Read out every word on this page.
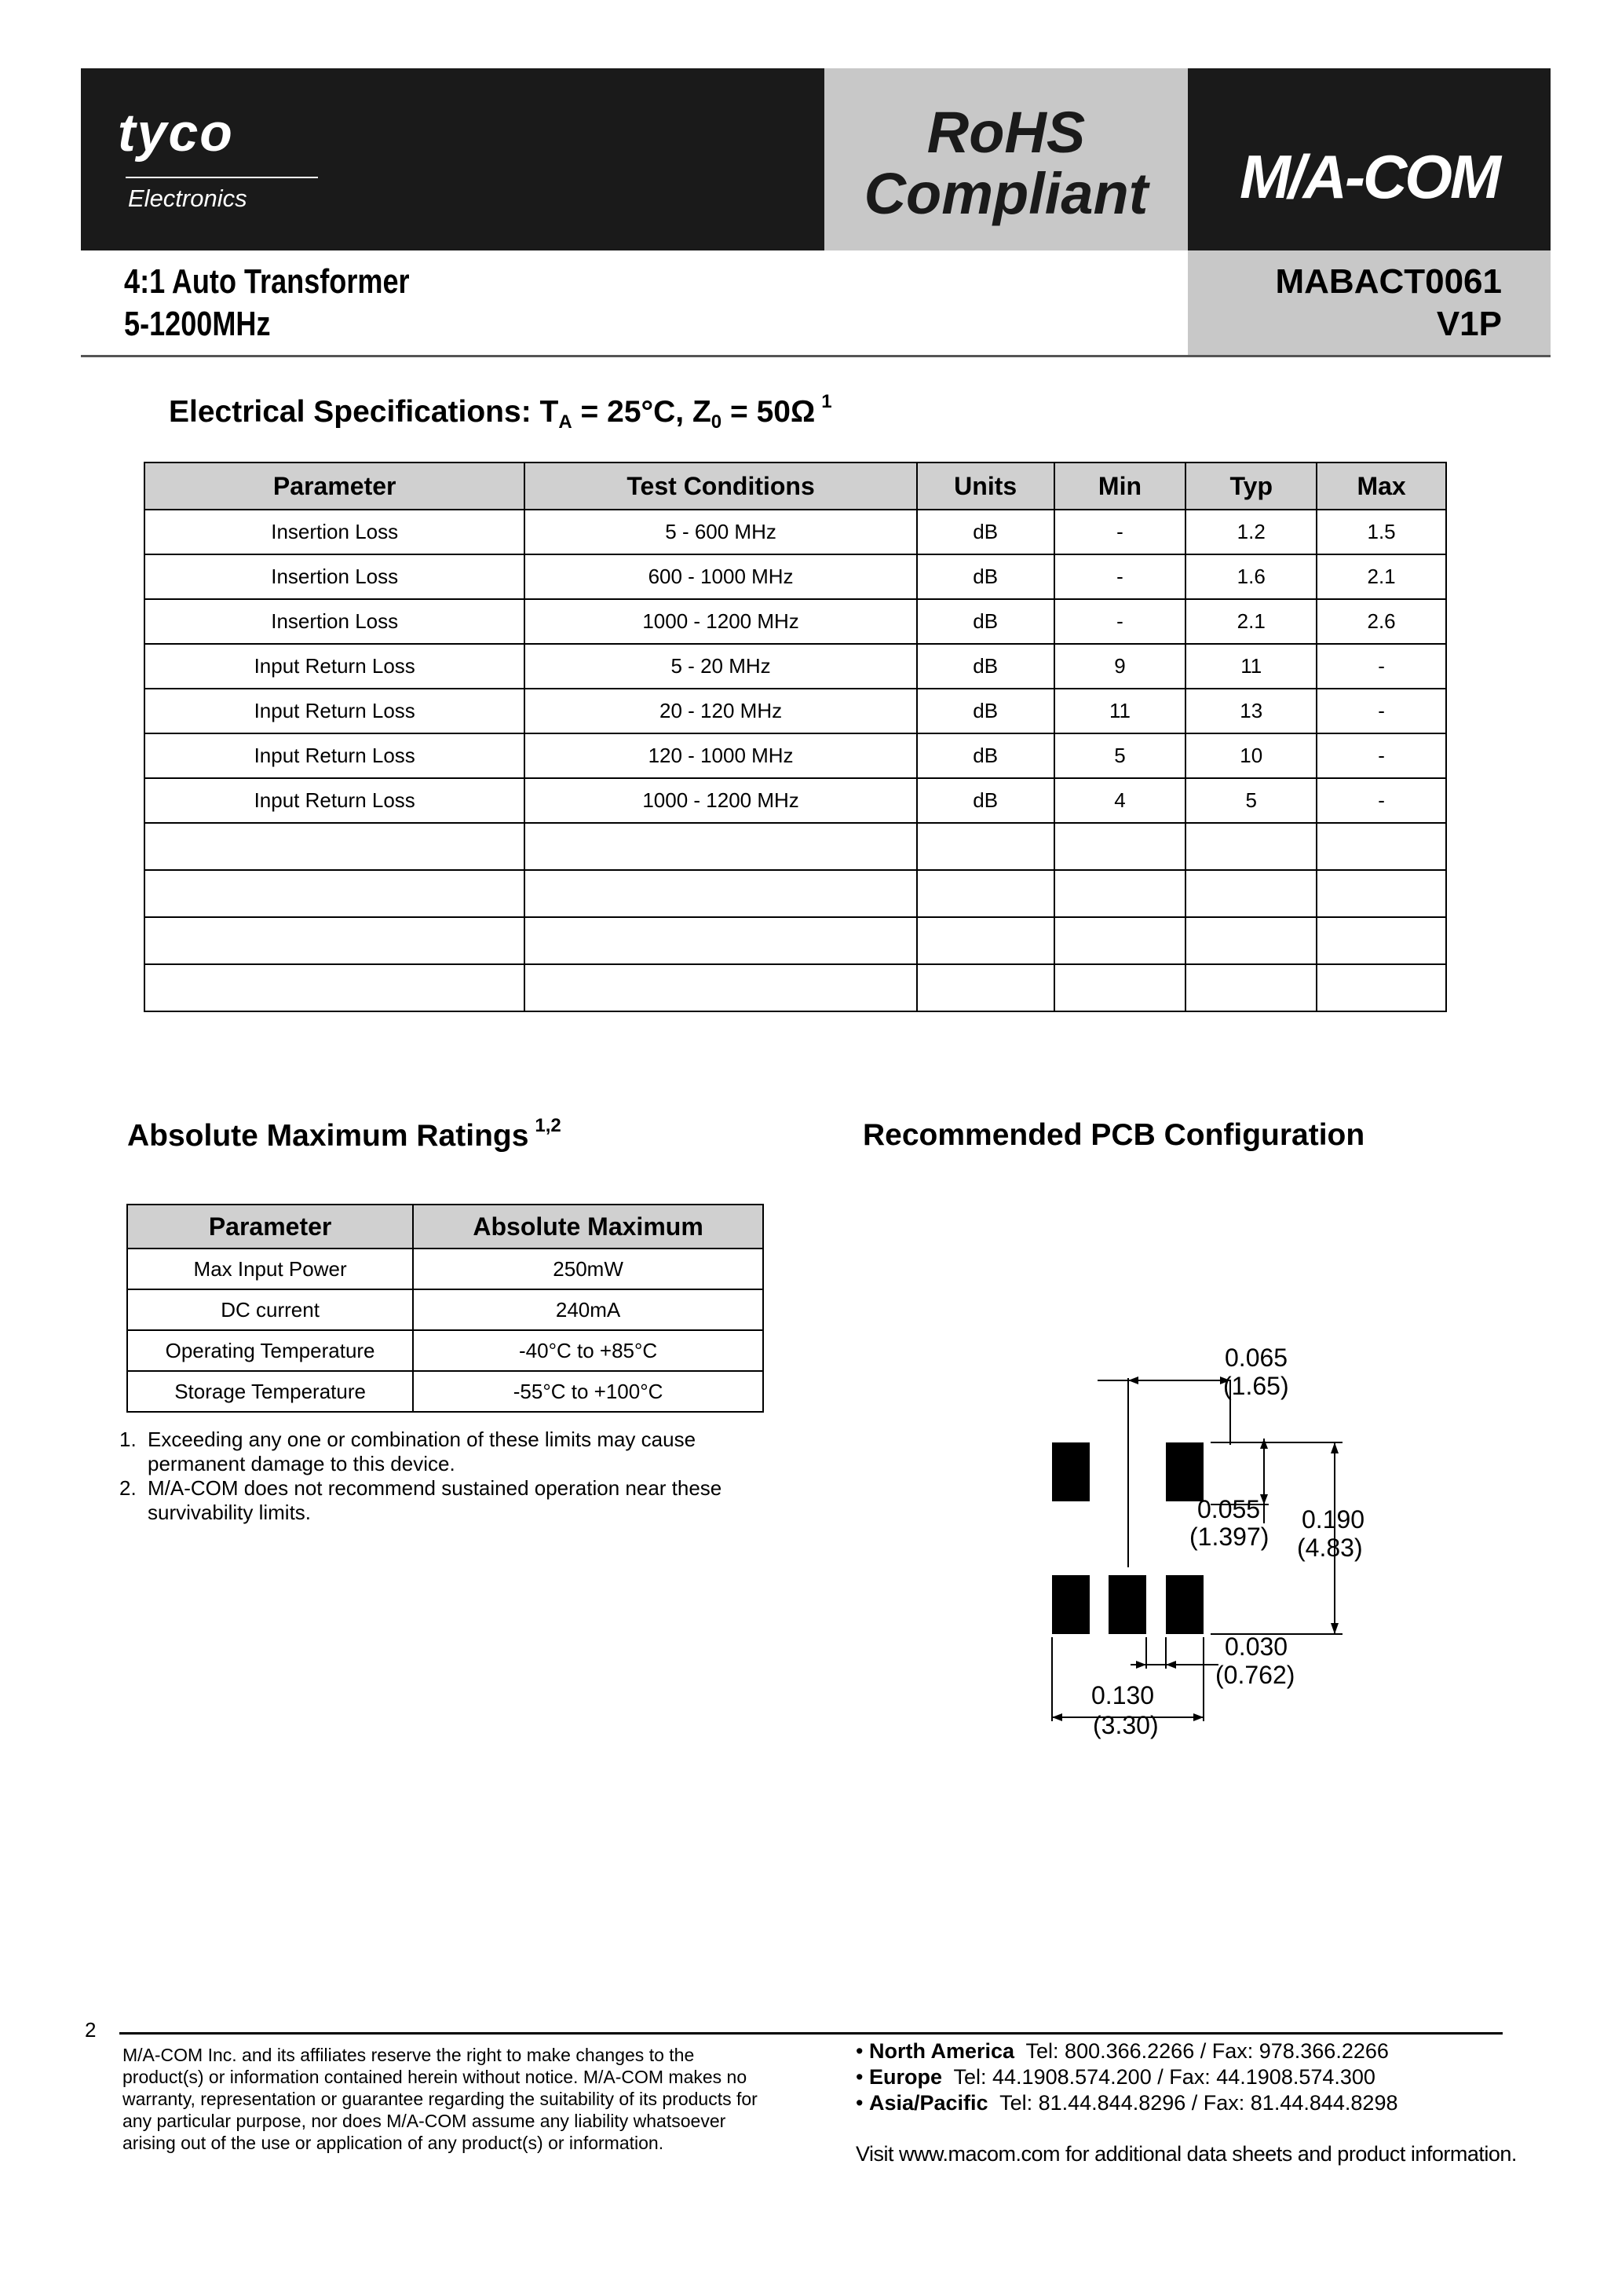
tyco
Electronics
RoHS
Compliant	M/A-COM
4:1 Auto Transformer
5-1200MHz
MABACT0061
V1P
Electrical Specifications: $T_A = 25^\circ C$, $Z_0 = 50\Omega$ $^1$
Parameter	Test Conditions	Units	Min	Typ	Max
Insertion Loss	5 - 600 MHz	dB	-	1.2	1.5
Insertion Loss	600 - 1000 MHz	dB	-	1.6	2.1
Insertion Loss	1000 - 1200 MHz	dB	-	2.1	2.6
Input Return Loss	5 - 20 MHz	dB	9	11	-
Input Return Loss	20 - 120 MHz	dB	11	13	-
Input Return Loss	120 - 1000 MHz	dB	5	10	-
Input Return Loss	1000 - 1200 MHz	dB	4	5	-

Absolute Maximum Ratings $^{1,2}$
Parameter	Absolute Maximum
Max Input Power	250mW
DC current	240mA
Operating Temperature	-40°C to +85°C
Storage Temperature	-55°C to +100°C
1. Exceeding any one or combination of these limits may cause permanent damage to this device.
2. M/A-COM does not recommend sustained operation near these survivability limits.
Recommended PCB Configuration
0.065
(1.65)
0.055
(1.397)
0.190
(4.83)
0.030
(0.762)
0.130
(3.30)
2
M/A-COM Inc. and its affiliates reserve the right to make changes to the product(s) or information contained herein without notice. M/A-COM makes no warranty, representation or guarantee regarding the suitability of its products for any particular purpose, nor does M/A-COM assume any liability whatsoever arising out of the use or application of any product(s) or information.
• North America Tel: 800.366.2266 / Fax: 978.366.2266
• Europe Tel: 44.1908.574.200 / Fax: 44.1908.574.300
• Asia/Pacific Tel: 81.44.844.8296 / Fax: 81.44.844.8298
Visit www.macom.com for additional data sheets and product information.
